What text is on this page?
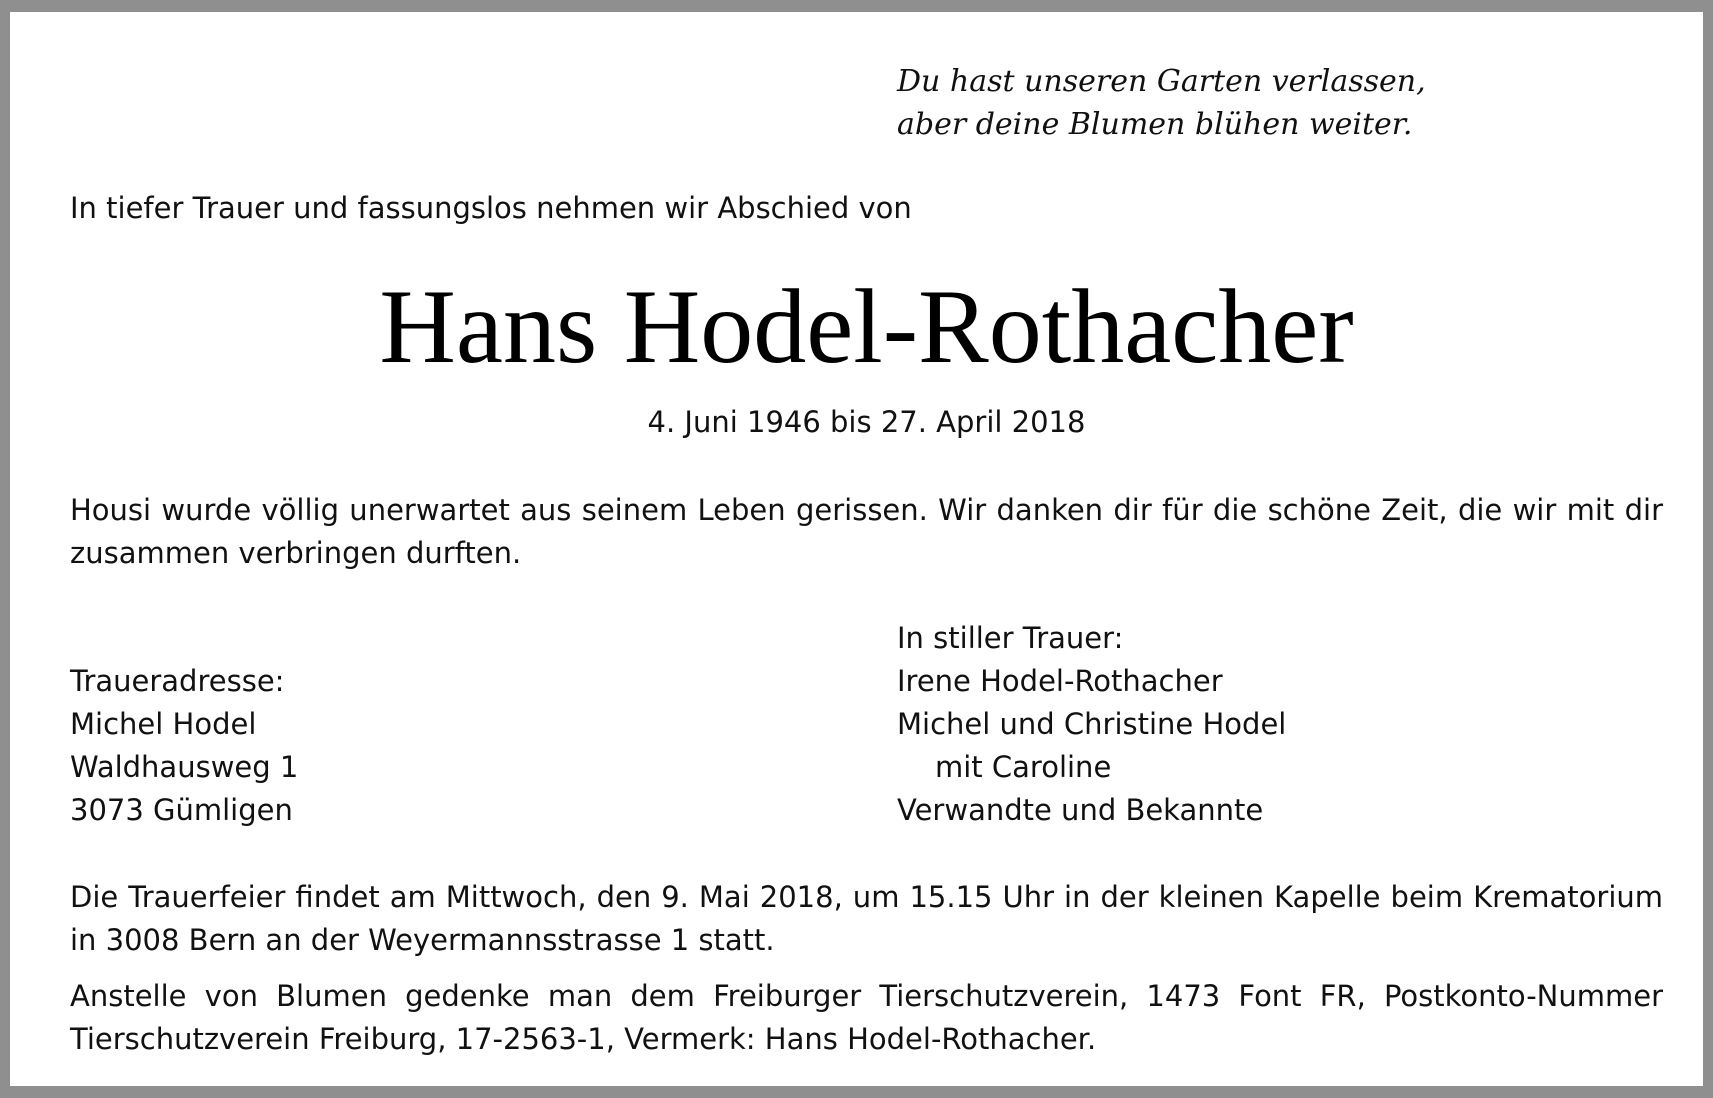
Du hast unseren Garten verlassen,
aber deine Blumen blühen weiter.
In tiefer Trauer und fassungslos nehmen wir Abschied von
Hans Hodel-Rothacher
4. Juni 1946 bis 27. April 2018
Housi wurde völlig unerwartet aus seinem Leben gerissen. Wir danken dir für die schöne Zeit, die wir mit dir zusammen verbringen durften.
Traueradresse:
Michel Hodel
Waldhausweg 1
3073 Gümligen
In stiller Trauer:
Irene Hodel-Rothacher
Michel und Christine Hodel
mit Caroline
Verwandte und Bekannte
Die Trauerfeier findet am Mittwoch, den 9. Mai 2018, um 15.15 Uhr in der kleinen Kapelle beim Krematorium in 3008 Bern an der Weyermannsstrasse 1 statt.
Anstelle von Blumen gedenke man dem Freiburger Tierschutzverein, 1473 Font FR, Postkonto-Nummer Tierschutzverein Freiburg, 17-2563-1, Vermerk: Hans Hodel-Rothacher.
